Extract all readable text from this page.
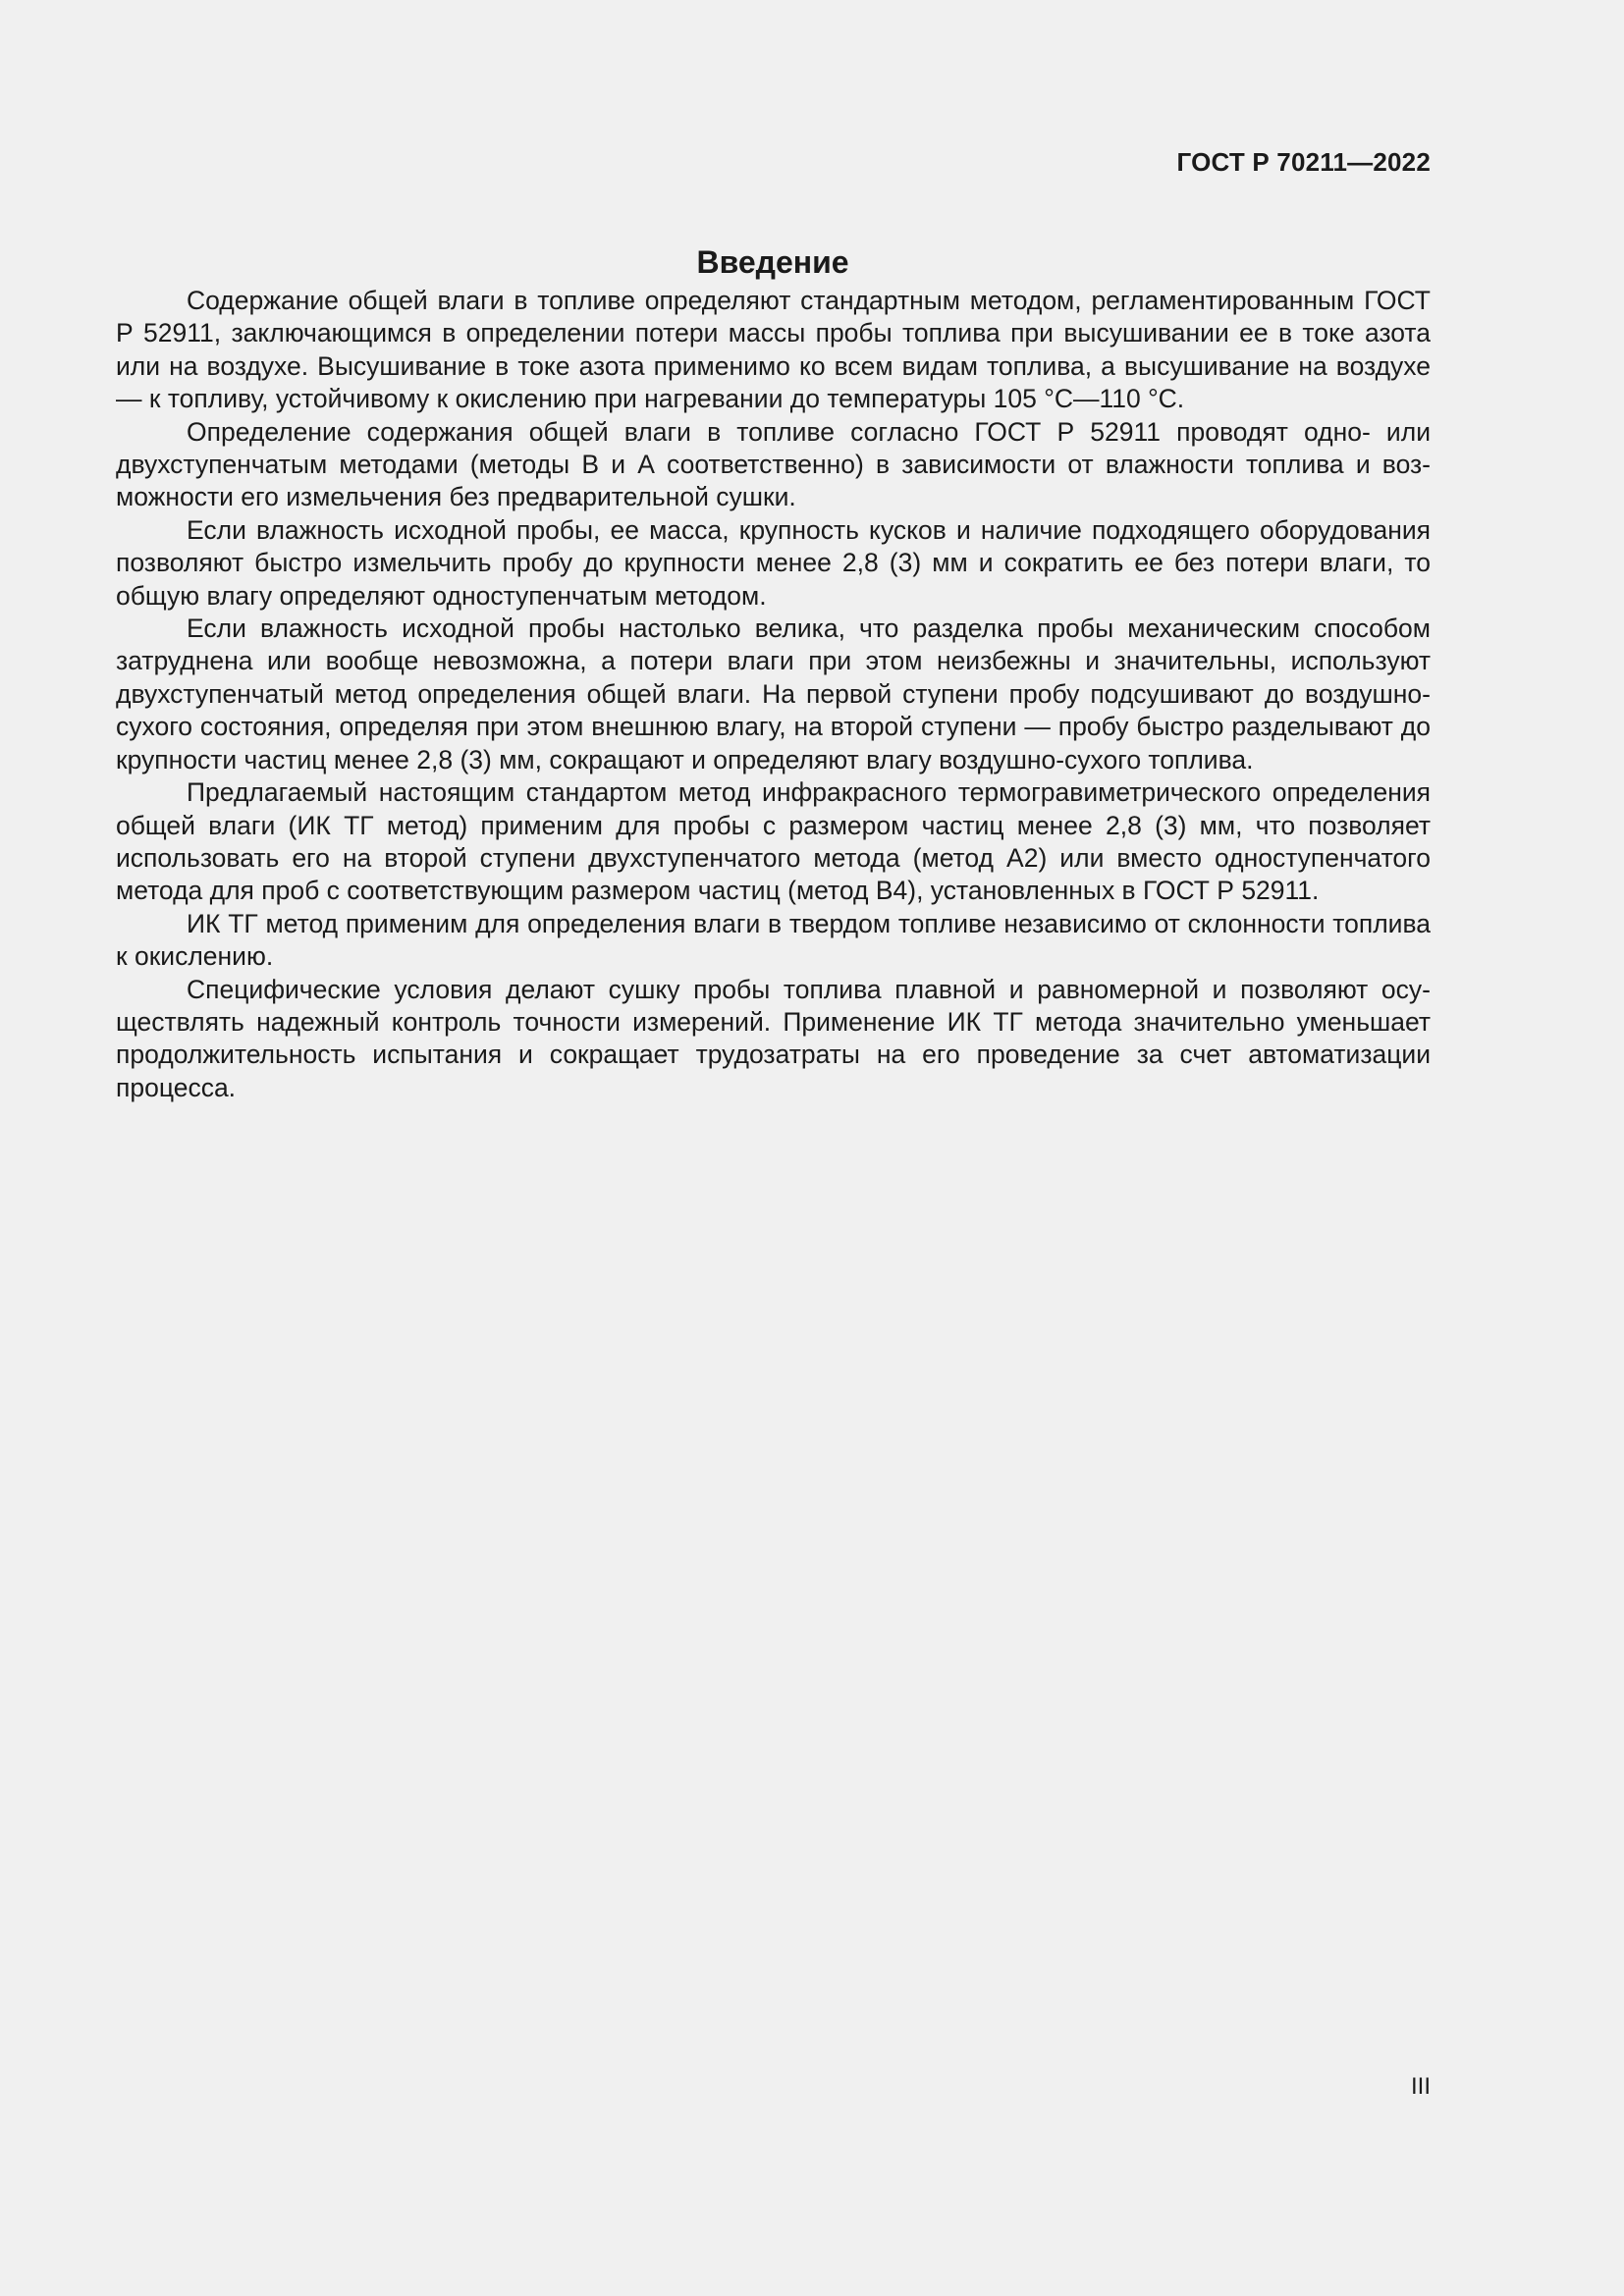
ГОСТ Р 70211—2022
Введение

Содержание общей влаги в топливе определяют стандартным методом, регламентированным ГОСТ Р 52911, заключающимся в определении потери массы пробы топлива при высушивании ее в токе азота или на воздухе. Высушивание в токе азота применимо ко всем видам топлива, а высушивание на воздухе — к топливу, устойчивому к окислению при нагревании до температуры 105 °С—110 °С.

Определение содержания общей влаги в топливе согласно ГОСТ Р 52911 проводят одно- или двухступенчатым методами (методы В и А соответственно) в зависимости от влажности топлива и возможности его измельчения без предварительной сушки.

Если влажность исходной пробы, ее масса, крупность кусков и наличие подходящего оборудования позволяют быстро измельчить пробу до крупности менее 2,8 (3) мм и сократить ее без потери влаги, то общую влагу определяют одноступенчатым методом.

Если влажность исходной пробы настолько велика, что разделка пробы механическим способом затруднена или вообще невозможна, а потери влаги при этом неизбежны и значительны, используют двухступенчатый метод определения общей влаги. На первой ступени пробу подсушивают до воздушно-сухого состояния, определяя при этом внешнюю влагу, на второй ступени — пробу быстро разделывают до крупности частиц менее 2,8 (3) мм, сокращают и определяют влагу воздушно-сухого топлива.

Предлагаемый настоящим стандартом метод инфракрасного термогравиметрического определения общей влаги (ИК ТГ метод) применим для пробы с размером частиц менее 2,8 (3) мм, что позволяет использовать его на второй ступени двухступенчатого метода (метод А2) или вместо одноступенчатого метода для проб с соответствующим размером частиц (метод В4), установленных в ГОСТ Р 52911.

ИК ТГ метод применим для определения влаги в твердом топливе независимо от склонности топлива к окислению.

Специфические условия делают сушку пробы топлива плавной и равномерной и позволяют осуществлять надежный контроль точности измерений. Применение ИК ТГ метода значительно уменьшает продолжительность испытания и сокращает трудозатраты на его проведение за счет автоматизации процесса.

III
